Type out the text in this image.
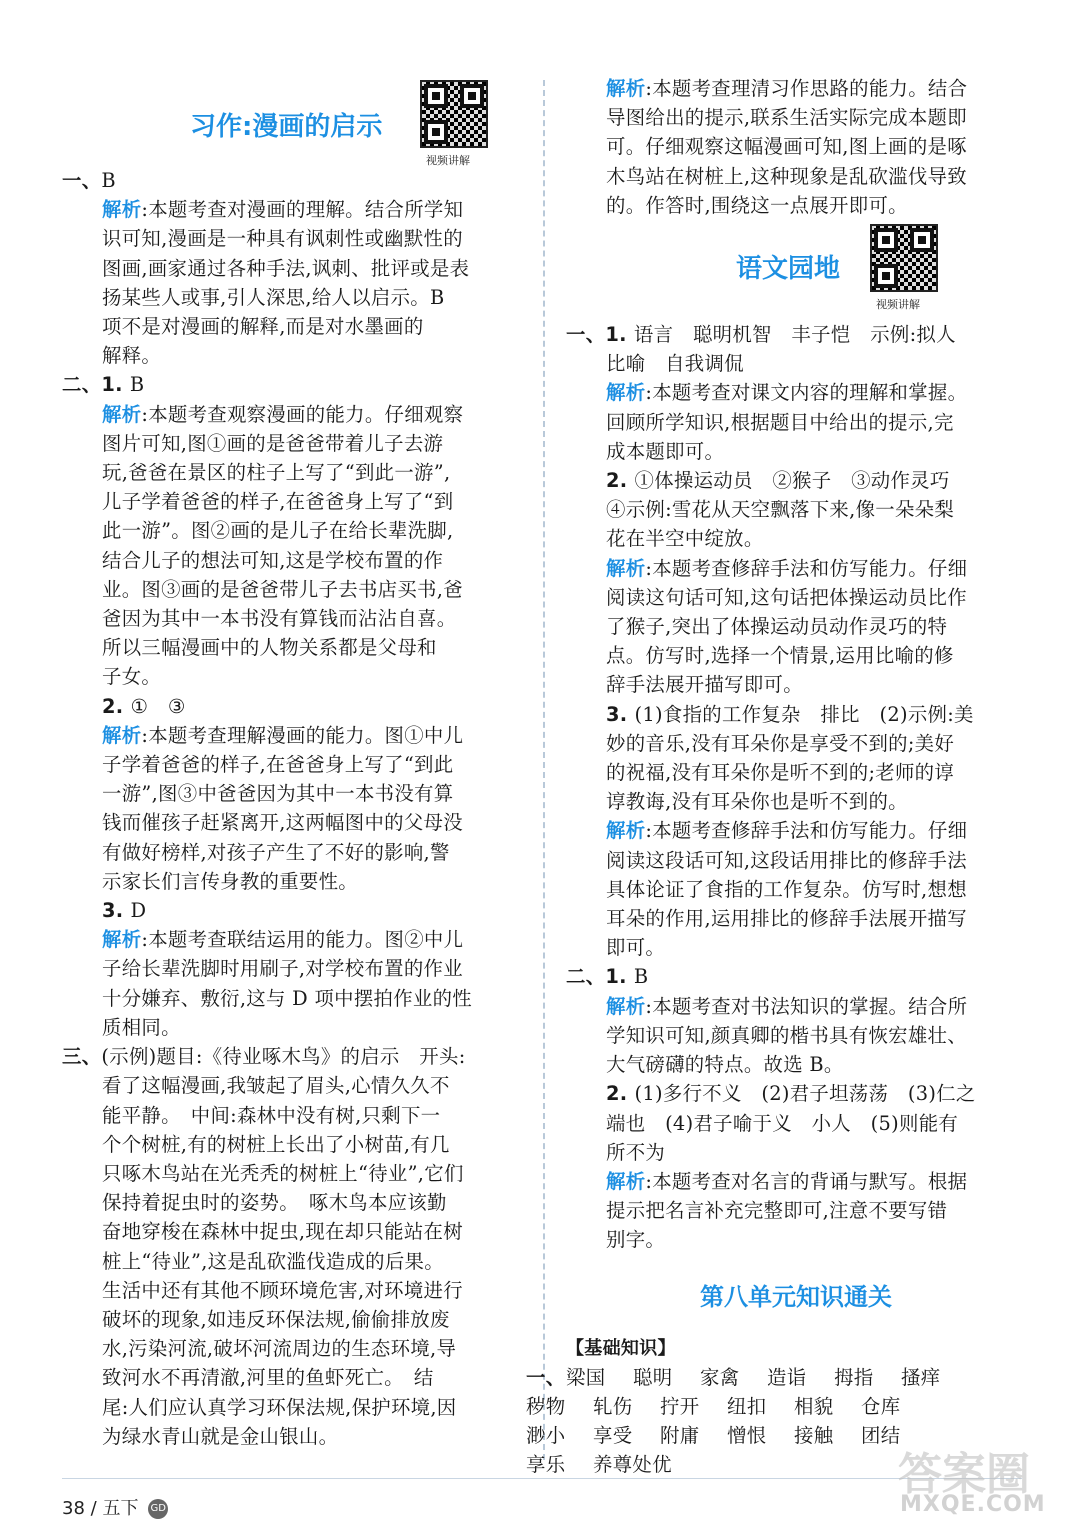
习作:漫画的启示
视频讲解

一、B

解析:本题考查对漫画的理解。结合所学知

识可知,漫画是一种具有讽刺性或幽默性的

图画,画家通过各种手法,讽刺、批评或是表

扬某些人或事,引人深思,给人以启示。B

项不是对漫画的解释,而是对水墨画的

解释。

二、1. B

解析:本题考查观察漫画的能力。仔细观察

图片可知,图①画的是爸爸带着儿子去游

玩,爸爸在景区的柱子上写了“到此一游”,

儿子学着爸爸的样子,在爸爸身上写了“到

此一游”。图②画的是儿子在给长辈洗脚,

结合儿子的想法可知,这是学校布置的作

业。图③画的是爸爸带儿子去书店买书,爸

爸因为其中一本书没有算钱而沾沾自喜。

所以三幅漫画中的人物关系都是父母和

子女。

2. ①　③

解析:本题考查理解漫画的能力。图①中儿

子学着爸爸的样子,在爸爸身上写了“到此

一游”,图③中爸爸因为其中一本书没有算

钱而催孩子赶紧离开,这两幅图中的父母没

有做好榜样,对孩子产生了不好的影响,警

示家长们言传身教的重要性。

3. D

解析:本题考查联结运用的能力。图②中儿

子给长辈洗脚时用刷子,对学校布置的作业

十分嫌弃、敷衍,这与 D 项中摆拍作业的性

质相同。

三、(示例)题目:《待业啄木鸟》的启示　开头:

看了这幅漫画,我皱起了眉头,心情久久不

能平静。　中间:森林中没有树,只剩下一

个个树桩,有的树桩上长出了小树苗,有几

只啄木鸟站在光秃秃的树桩上“待业”,它们

保持着捉虫时的姿势。　啄木鸟本应该勤

奋地穿梭在森林中捉虫,现在却只能站在树

桩上“待业”,这是乱砍滥伐造成的后果。

生活中还有其他不顾环境危害,对环境进行

破坏的现象,如违反环保法规,偷偷排放废

水,污染河流,破坏河流周边的生态环境,导

致河水不再清澈,河里的鱼虾死亡。　结

尾:人们应认真学习环保法规,保护环境,因

为绿水青山就是金山银山。

解析:本题考查理清习作思路的能力。结合

导图给出的提示,联系生活实际完成本题即

可。仔细观察这幅漫画可知,图上画的是啄

木鸟站在树桩上,这种现象是乱砍滥伐导致

的。作答时,围绕这一点展开即可。

语文园地
视频讲解

一、1. 语言　聪明机智　丰子恺　示例:拟人

比喻　自我调侃

解析:本题考查对课文内容的理解和掌握。

回顾所学知识,根据题目中给出的提示,完

成本题即可。

2. ①体操运动员　②猴子　③动作灵巧

④示例:雪花从天空飘落下来,像一朵朵梨

花在半空中绽放。

解析:本题考查修辞手法和仿写能力。仔细

阅读这句话可知,这句话把体操运动员比作

了猴子,突出了体操运动员动作灵巧的特

点。仿写时,选择一个情景,运用比喻的修

辞手法展开描写即可。

3. (1)食指的工作复杂　排比　(2)示例:美

妙的音乐,没有耳朵你是享受不到的;美好

的祝福,没有耳朵你是听不到的;老师的谆

谆教诲,没有耳朵你也是听不到的。

解析:本题考查修辞手法和仿写能力。仔细

阅读这段话可知,这段话用排比的修辞手法

具体论证了食指的工作复杂。仿写时,想想

耳朵的作用,运用排比的修辞手法展开描写

即可。

二、1. B

解析:本题考查对书法知识的掌握。结合所

学知识可知,颜真卿的楷书具有恢宏雄壮、

大气磅礴的特点。故选 B。

2. (1)多行不义　(2)君子坦荡荡　(3)仁之

端也　(4)君子喻于义　小人　(5)则能有

所不为

解析:本题考查对名言的背诵与默写。根据

提示把名言补充完整即可,注意不要写错

别字。

第八单元知识通关

【基础知识】

一、梁国 聪明 家禽 造诣 拇指 搔痒

秽物 轧伤 拧开 纽扣 相貌 仓库

渺小 享受 附庸 憎恨 接触 团结

享乐 养尊处优

38 / 五下 GD
答案圈
MXQE.COM
